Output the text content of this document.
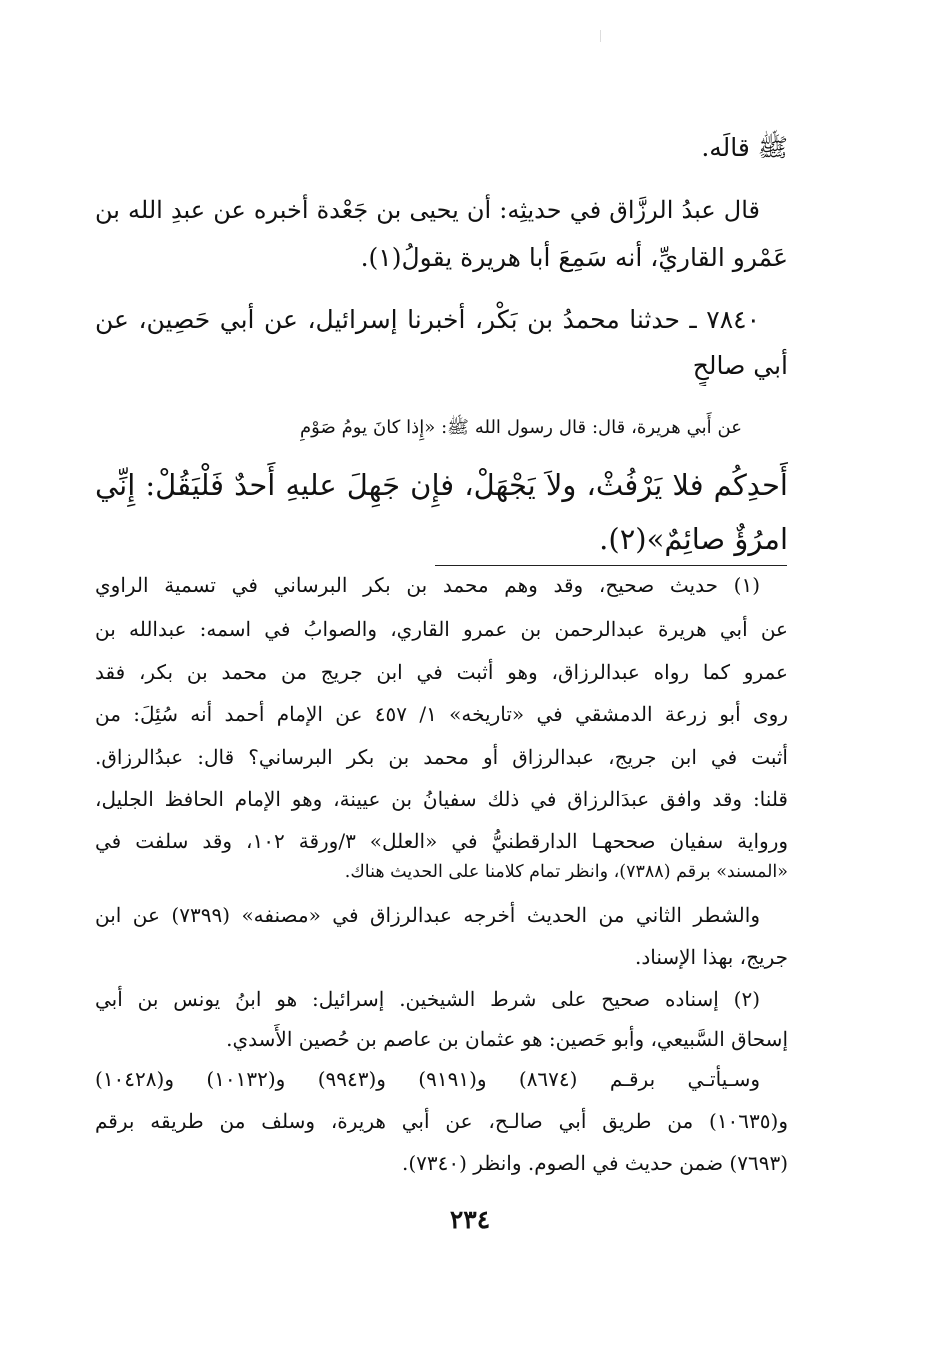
ﷺ قالَه.
قال عبدُ الرزَّاق في حديثِه: أن يحيى بن جَعْدة أخبره عن عبدِ الله بن
عَمْرو القاريِّ، أنه سَمِعَ أبا هريرة يقولُ(١).
٧٨٤٠ ـ حدثنا محمدُ بن بَكْر، أخبرنا إسرائيل، عن أبي حَصِين، عن
أبي صالحٍ
عن أَبي هريرة، قال: قال رسول الله ﷺ: «إِذا كانَ يومُ صَوْمِ
أَحدِكُم فلا يَرْفُثْ، ولاَ يَجْهَلْ، فإِن جَهِلَ عليهِ أَحدٌ فَلْيَقُلْ: إِنِّي
امرُؤٌ صائِمٌ»(٢).
(١) حديث صحيح، وقد وهم محمد بن بكر البرساني في تسمية الراوي
عن أبي هريرة عبدالرحمن بن عمرو القاري، والصوابُ في اسمه: عبدالله بن
عمرو كما رواه عبدالرزاق، وهو أثبت في ابن جريج من محمد بن بكر، فقد
روى أبو زرعة الدمشقي في «تاريخه» ١/ ٤٥٧ عن الإمام أحمد أنه سُئِلَ: من
أثبت في ابن جريج، عبدالرزاق أو محمد بن بكر البرساني؟ قال: عبدُالرزاق.
قلنا: وقد وافق عبدَالرزاق في ذلك سفيانُ بن عيينة، وهو الإمام الحافظ الجليل،
ورواية سفيان صححهـا الدارقطنيُّ في «العلل» ٣/ورقة ١٠٢، وقد سلفت في
«المسند» برقم (٧٣٨٨)، وانظر تمام كلامنا على الحديث هناك.
والشطر الثاني من الحديث أخرجه عبدالرزاق في «مصنفه» (٧٣٩٩) عن ابن
جريج، بهذا الإسناد.
(٢) إسناده صحيح على شرط الشيخين. إسرائيل: هو ابنُ يونس بن أبي
إسحاق السَّبيعي، وأبو حَصين: هو عثمان بن عاصم بن حُصين الأَسدي.
وسـيأتـي برقـم (٨٦٧٤) و(٩١٩١) و(٩٩٤٣) و(١٠١٣٢) و(١٠٤٢٨)
و(١٠٦٣٥) من طريق أبي صالـح، عن أبي هريرة، وسلف من طريقه برقم
(٧٦٩٣) ضمن حديث في الصوم. وانظر (٧٣٤٠).
٢٣٤
